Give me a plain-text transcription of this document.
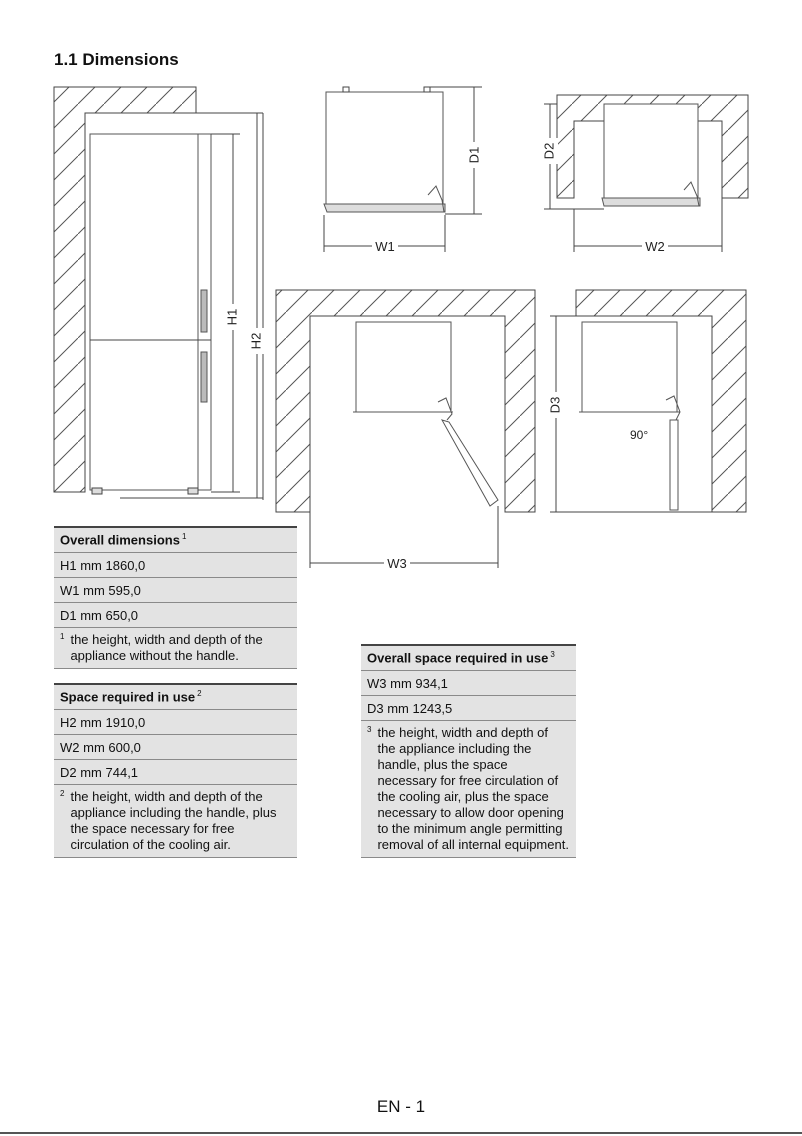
1.1 Dimensions
H1
H2
D1
W1
D2
W2
W3
D3
90°
Overall dimensions $^1$
H1 mm 1860,0
W1 mm 595,0
D1 mm 650,0
$^1$ the height, width and depth of the appliance without the handle.
Space required in use $^2$
H2 mm 1910,0
W2 mm 600,0
D2 mm 744,1
$^2$ the height, width and depth of the appliance including the handle, plus the space necessary for free circulation of the cooling air.
Overall space required in use $^3$
W3 mm 934,1
D3 mm 1243,5
$^3$ the height, width and depth of the appliance including the handle, plus the space necessary for free circulation of the cooling air, plus the space necessary to allow door opening to the minimum angle permitting removal of all internal equipment.
EN - 1
